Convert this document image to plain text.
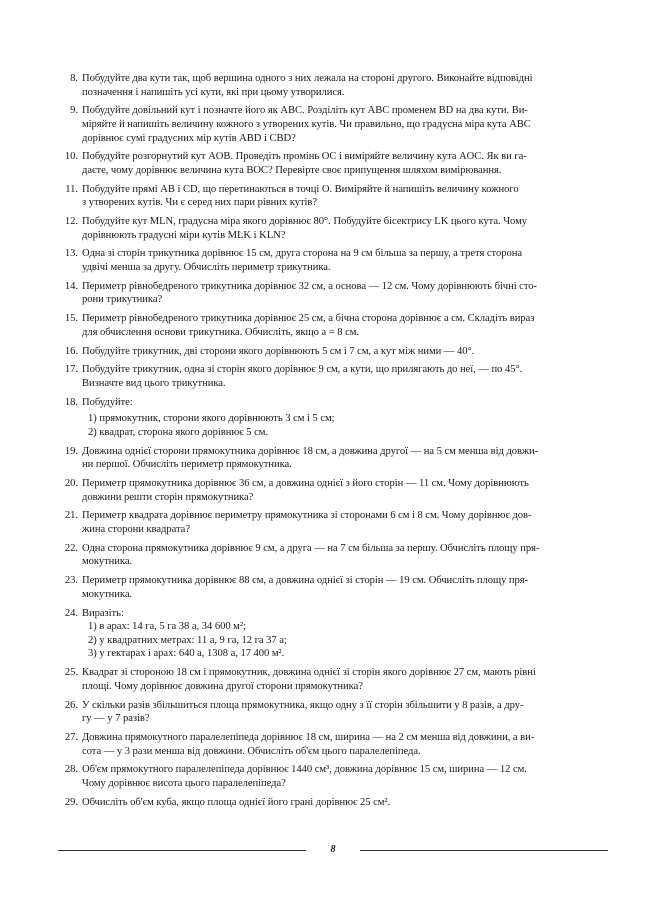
8. Побудуйте два кути так, щоб вершина одного з них лежала на стороні другого. Виконайте відповідні
позначення і напишіть усі кути, які при цьому утворилися.
9. Побудуйте довільний кут і позначте його як ABC. Розділіть кут ABC променем BD на два кути. Ви-
міряйте й напишіть величину кожного з утворених кутів. Чи правильно, що градусна міра кута ABC
дорівнює сумі градусних мір кутів ABD і CBD?
10. Побудуйте розгорнутий кут AOB. Проведіть промінь OC і виміряйте величину кута AOC. Як ви га-
даєте, чому дорівнює величина кута BOC? Перевірте своє припущення шляхом вимірювання.
11. Побудуйте прямі AB і CD, що перетинаються в точці O. Виміряйте й напишіть величину кожного
з утворених кутів. Чи є серед них пари рівних кутів?
12. Побудуйте кут MLN, градусна міра якого дорівнює 80°. Побудуйте бісектрису LK цього кута. Чому
дорівнюють градусні міри кутів MLK і KLN?
13. Одна зі сторін трикутника дорівнює 15 см, друга сторона на 9 см більша за першу, а третя сторона
удвічі менша за другу. Обчисліть периметр трикутника.
14. Периметр рівнобедреного трикутника дорівнює 32 см, а основа — 12 см. Чому дорівнюють бічні сто-
рони трикутника?
15. Периметр рівнобедреного трикутника дорівнює 25 см, а бічна сторона дорівнює a см. Складіть вираз
для обчислення основи трикутника. Обчисліть, якщо a = 8 см.
16. Побудуйте трикутник, дві сторони якого дорівнюють 5 см і 7 см, а кут між ними — 40°.
17. Побудуйте трикутник, одна зі сторін якого дорівнює 9 см, а кути, що прилягають до неї, — по 45°.
Визначте вид цього трикутника.
18. Побудуйте:
1) прямокутник, сторони якого дорівнюють 3 см і 5 см;
2) квадрат, сторона якого дорівнює 5 см.
19. Довжина однієї сторони прямокутника дорівнює 18 см, а довжина другої — на 5 см менша від довжи-
ни першої. Обчисліть периметр прямокутника.
20. Периметр прямокутника дорівнює 36 см, а довжина однієї з його сторін — 11 см. Чому дорівнюють
довжини решти сторін прямокутника?
21. Периметр квадрата дорівнює периметру прямокутника зі сторонами 6 см і 8 см. Чому дорівнює дов-
жина сторони квадрата?
22. Одна сторона прямокутника дорівнює 9 см, а друга — на 7 см більша за першу. Обчисліть площу пря-
мокутника.
23. Периметр прямокутника дорівнює 88 см, а довжина однієї зі сторін — 19 см. Обчисліть площу пря-
мокутника.
24. Виразіть:
1) в арах: 14 га, 5 га 38 а, 34 600 м²;
2) у квадратних метрах: 11 а, 9 га, 12 га 37 а;
3) у гектарах і арах: 640 а, 1308 а, 17 400 м².
25. Квадрат зі стороною 18 см і прямокутник, довжина однієї зі сторін якого дорівнює 27 см, мають рівні
площі. Чому дорівнює довжина другої сторони прямокутника?
26. У скільки разів збільшиться площа прямокутника, якщо одну з її сторін збільшити у 8 разів, а дру-
гу — у 7 разів?
27. Довжина прямокутного паралелепіпеда дорівнює 18 см, ширина — на 2 см менша від довжини, а ви-
сота — у 3 рази менша від довжини. Обчисліть об'єм цього паралелепіпеда.
28. Об'єм прямокутного паралелепіпеда дорівнює 1440 см³, довжина дорівнює 15 см, ширина — 12 см.
Чому дорівнює висота цього паралелепіпеда?
29. Обчисліть об'єм куба, якщо площа однієї його грані дорівнює 25 см².
8
